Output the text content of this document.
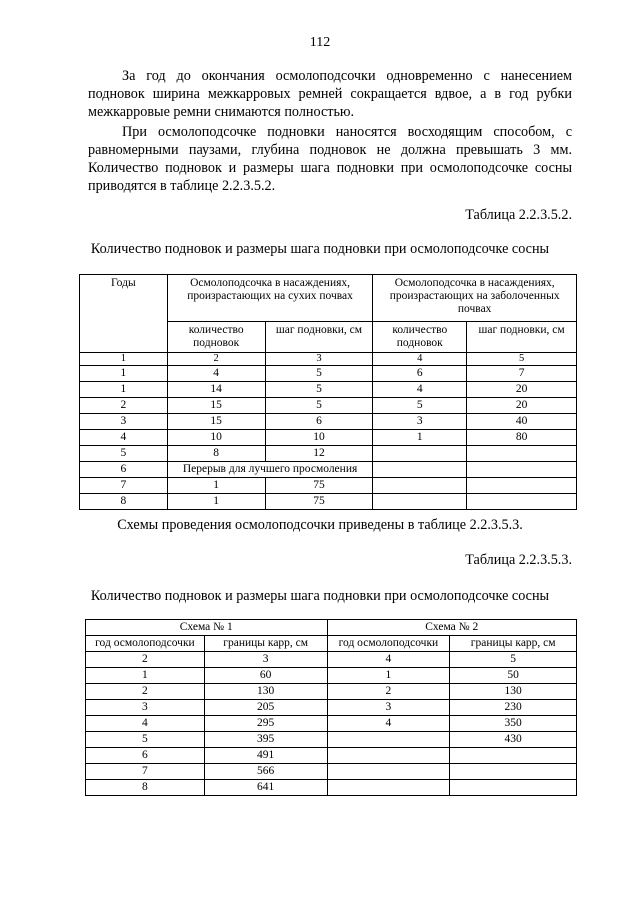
112

За год до окончания осмолоподсочки одновременно с нанесением подновок ширина межкарровых ремней сокращается вдвое, а в год рубки межкарровые ремни снимаются полностью.

При осмолоподсочке подновки наносятся восходящим способом, с равномерными паузами, глубина подновок не должна превышать 3 мм. Количество подновок и размеры шага подновки при осмолоподсочке сосны приводятся в таблице 2.2.3.5.2.

Таблица 2.2.3.5.2.
Количество подновок и размеры шага подновки при осмолоподсочке сосны
Годы	Осмолоподсочка в насаждениях, произрастающих на сухих почвах		Осмолоподсочка в насаждениях, произрастающих на заболоченных почвах	
	количество подновок	шаг подновки, см	количество подновок	шаг подновки, см
1	2	3	4	5
1	4	5	6	7
1	14	5	4	20
2	15	5	5	20
3	15	6	3	40
4	10	10	1	80
5	8	12		
6	Перерыв для лучшего просмоления			
7	1	75		
8	1	75		
Схемы проведения осмолоподсочки приведены в таблице 2.2.3.5.3.
Таблица 2.2.3.5.3.
Количество подновок и размеры шага подновки при осмолоподсочке сосны
Схема № 1		Схема № 2	
год осмолоподсочки	границы карр, см	год осмолоподсочки	границы карр, см
2	3	4	5
1	60	1	50
2	130	2	130
3	205	3	230
4	295	4	350
5	395		430
6	491		
7	566		
8	641		
